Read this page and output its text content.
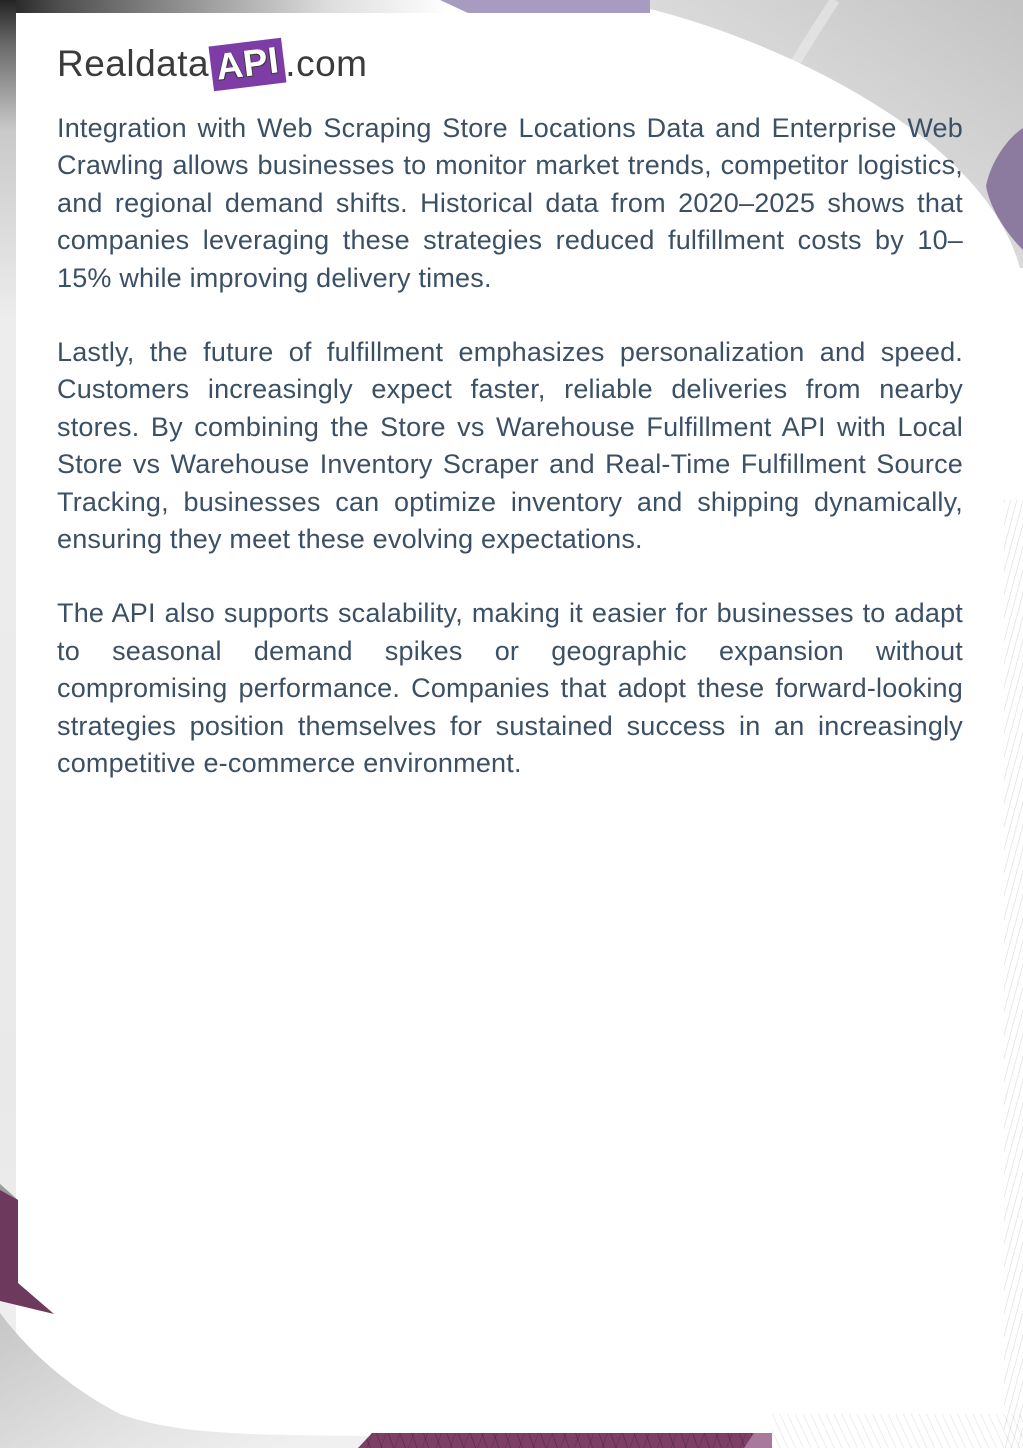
Realdata API .com

Integration with Web Scraping Store Locations Data and Enterprise Web Crawling allows businesses to monitor market trends, competitor logistics, and regional demand shifts. Historical data from 2020–2025 shows that companies leveraging these strategies reduced fulfillment costs by 10–15% while improving delivery times.

Lastly, the future of fulfillment emphasizes personalization and speed. Customers increasingly expect faster, reliable deliveries from nearby stores. By combining the Store vs Warehouse Fulfillment API with Local Store vs Warehouse Inventory Scraper and Real-Time Fulfillment Source Tracking, businesses can optimize inventory and shipping dynamically, ensuring they meet these evolving expectations.

The API also supports scalability, making it easier for businesses to adapt to seasonal demand spikes or geographic expansion without compromising performance. Companies that adopt these forward-looking strategies position themselves for sustained success in an increasingly competitive e-commerce environment.
